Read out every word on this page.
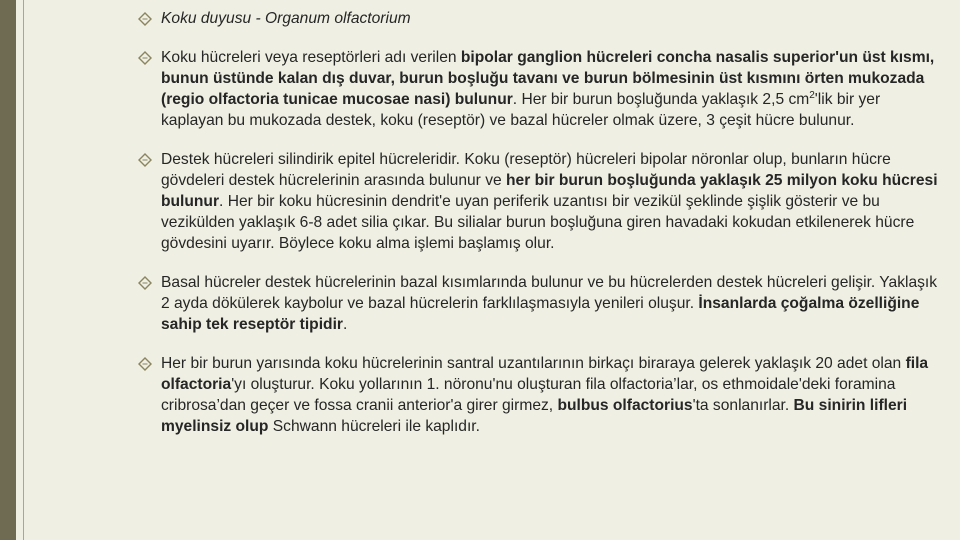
Koku duyusu - Organum olfactorium
Koku hücreleri veya reseptörleri adı verilen bipolar ganglion hücreleri concha nasalis superior'un üst kısmı, bunun üstünde kalan dış duvar, burun boşluğu tavanı ve burun bölmesinin üst kısmını örten mukozada (regio olfactoria tunicae mucosae nasi) bulunur. Her bir burun boşluğunda yaklaşık 2,5 $cm^2'lik$ bir yer kaplayan bu mukozada destek, koku (reseptör) ve bazal hücreler olmak üzere, 3 çeşit hücre bulunur.
Destek hücreleri silindirik epitel hücreleridir. Koku (reseptör) hücreleri bipolar nöronlar olup, bunların hücre gövdeleri destek hücrelerinin arasında bulunur ve her bir burun boşluğunda yaklaşık 25 milyon koku hücresi bulunur. Her bir koku hücresinin dendrit'e uyan periferik uzantısı bir vezikül şeklinde şişlik gösterir ve bu vezikülden yaklaşık 6-8 adet silia çıkar. Bu silialar burun boşluğuna giren havadaki kokudan etkilenerek hücre gövdesini uyarır. Böylece koku alma işlemi başlamış olur.
Basal hücreler destek hücrelerinin bazal kısımlarında bulunur ve bu hücrelerden destek hücreleri gelişir. Yaklaşık 2 ayda dökülerek kaybolur ve bazal hücrelerin farklılaşmasıyla yenileri oluşur. İnsanlarda çoğalma özelliğine sahip tek reseptör tipidir.
Her bir burun yarısında koku hücrelerinin santral uzantılarının birkaçı biraraya gelerek yaklaşık 20 adet olan fila olfactoria'yı oluşturur. Koku yollarının 1. nöronu'nu oluşturan fila olfactoria’lar, os ethmoidale'deki foramina cribrosa’dan geçer ve fossa cranii anterior'a girer girmez, bulbus olfactorius'ta sonlanırlar. Bu sinirin lifleri myelinsiz olup Schwann hücreleri ile kaplıdır.
